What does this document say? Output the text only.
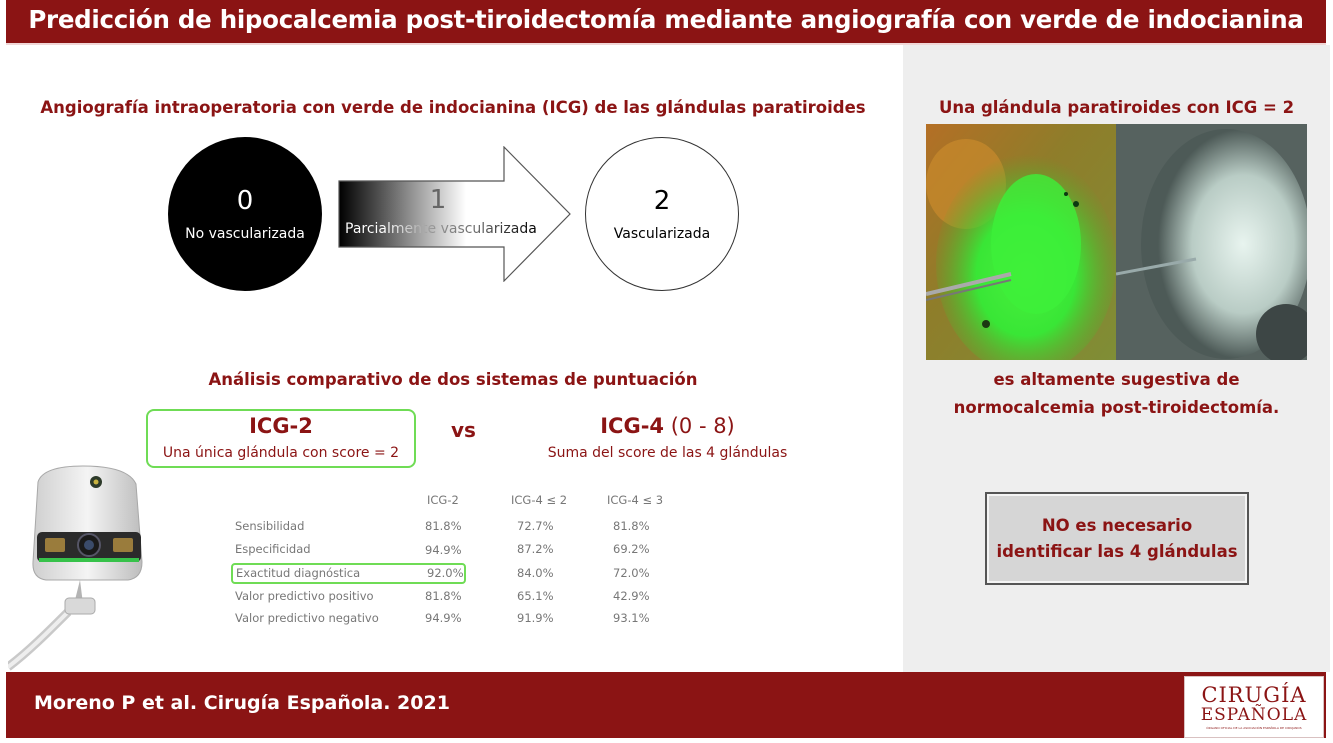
Predicción de hipocalcemia post-tiroidectomía mediante angiografía con verde de indocianina
Angiografía intraoperatoria con verde de indocianina (ICG) de las glándulas paratiroides
0
No vascularizada
1
Parcialmente vascularizada
2
Vascularizada
Análisis comparativo de dos sistemas de puntuación
ICG-2
Una única glándula con score = 2
vs	ICG-4 (0 - 8)
Suma del score de las 4 glándulas
ICG-2	ICG-4 ≤ 2	ICG-4 ≤ 3
Sensibilidad	81.8%	72.7%	81.8%
Especificidad	94.9%	87.2%	69.2%
Exactitud diagnóstica	92.0%	84.0%	72.0%
Valor predictivo positivo	81.8%	65.1%	42.9%
Valor predictivo negativo	94.9%	91.9%	93.1%
Una glándula paratiroides con ICG = 2
es altamente sugestiva de
normocalcemia post-tiroidectomía.
NO es necesario
identificar las 4 glándulas
Moreno P et al. Cirugía Española. 2021	CIRUGÍA
ESPAÑOLA
ÓRGANO OFICIAL DE LA ASOCIACIÓN ESPAÑOLA DE CIRUJANOS
